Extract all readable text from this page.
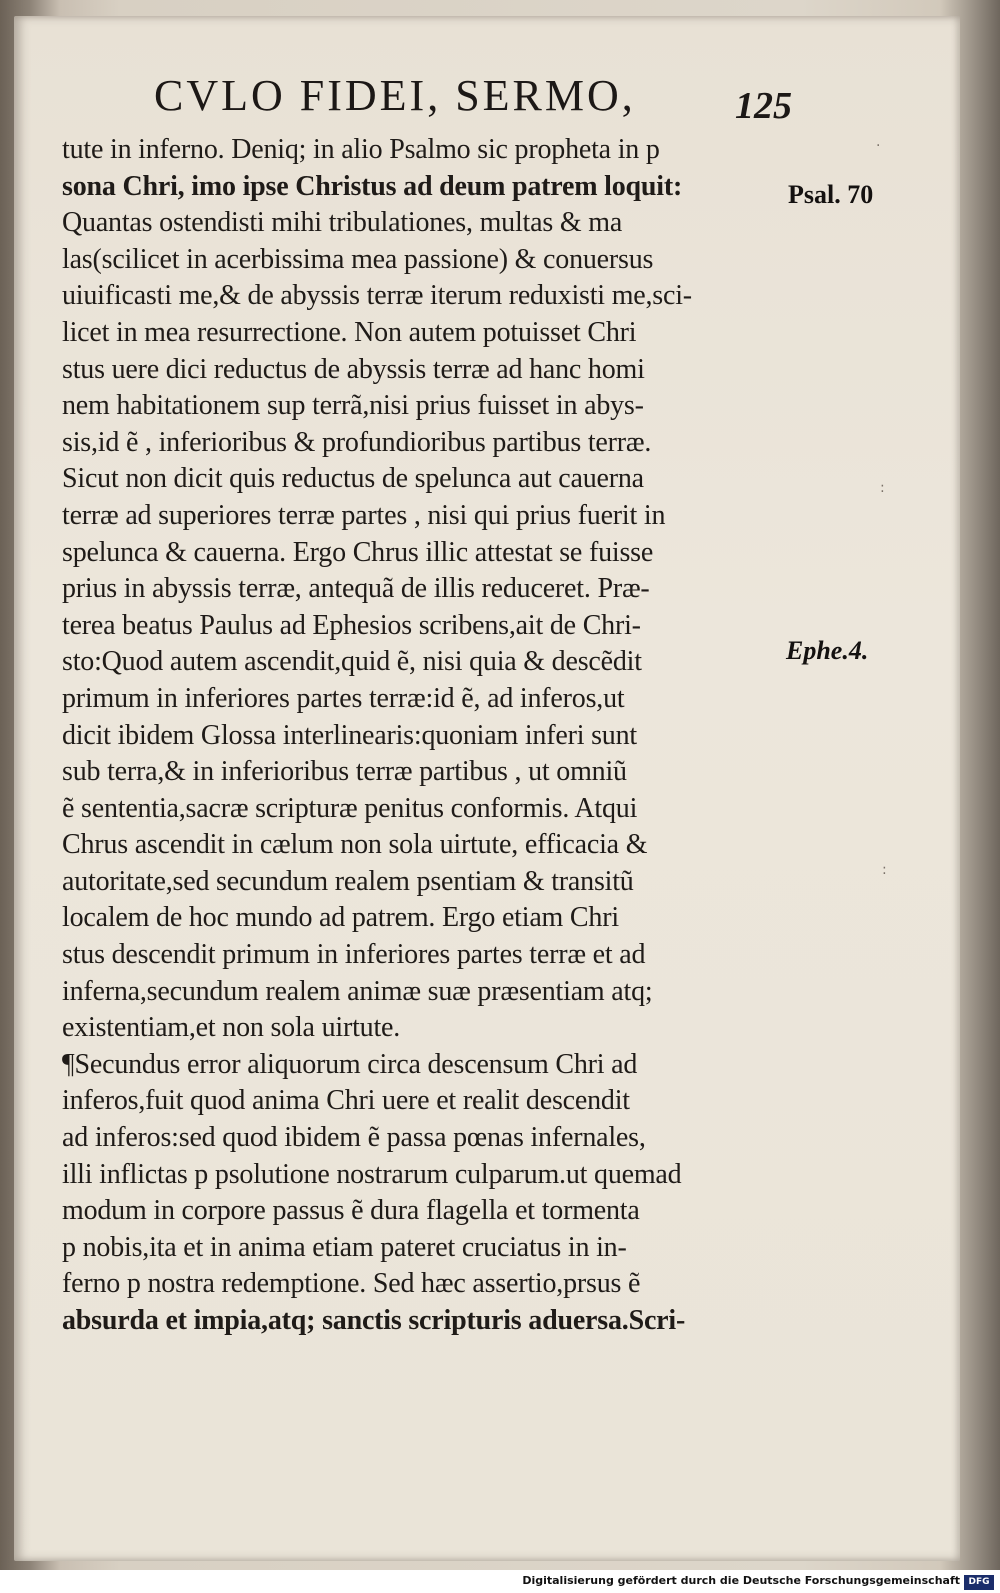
CVLO FIDEI, SERMO,	125
tute in inferno. Deniq; in alio Psalmo sic propheta in p
sona Chri, imo ipse Christus ad deum patrem loquit:
Quantas ostendisti mihi tribulationes, multas & ma
las(scilicet in acerbissima mea passione) & conuersus
uiuificasti me,& de abyssis terræ iterum reduxisti me,sci-
licet in mea resurrectione. Non autem potuisset Chri
stus uere dici reductus de abyssis terræ ad hanc homi
nem habitationem sup terrã,nisi prius fuisset in abys-
sis,id ẽ , inferioribus & profundioribus partibus terræ.
Sicut non dicit quis reductus de spelunca aut cauerna
terræ ad superiores terræ partes , nisi qui prius fuerit in
spelunca & cauerna. Ergo Chrus illic attestat se fuisse
prius in abyssis terræ, antequã de illis reduceret. Præ-
terea beatus Paulus ad Ephesios scribens,ait de Chri-
sto:Quod autem ascendit,quid ẽ, nisi quia & descẽdit
primum in inferiores partes terræ:id ẽ, ad inferos,ut
dicit ibidem Glossa interlinearis:quoniam inferi sunt
sub terra,& in inferioribus terræ partibus , ut omniũ
ẽ sententia,sacræ scripturæ penitus conformis. Atqui
Chrus ascendit in cælum non sola uirtute, efficacia &
autoritate,sed secundum realem psentiam & transitũ
localem de hoc mundo ad patrem. Ergo etiam Chri
stus descendit primum in inferiores partes terræ et ad
inferna,secundum realem animæ suæ præsentiam atq;
existentiam,et non sola uirtute.
¶Secundus error aliquorum circa descensum Chri ad
inferos,fuit quod anima Chri uere et realit descendit
ad inferos:sed quod ibidem ẽ passa pœnas infernales,
illi inflictas p psolutione nostrarum culparum.ut quemad
modum in corpore passus ẽ dura flagella et tormenta
p nobis,ita et in anima etiam pateret cruciatus in in-
ferno p nostra redemptione. Sed hæc assertio,prsus ẽ
absurda et impia,atq; sanctis scripturis aduersa.Scri-
Psal. 70
Ephe.4.
·
:
:
Digitalisierung gefördert durch die Deutsche Forschungsgemeinschaft DFG
